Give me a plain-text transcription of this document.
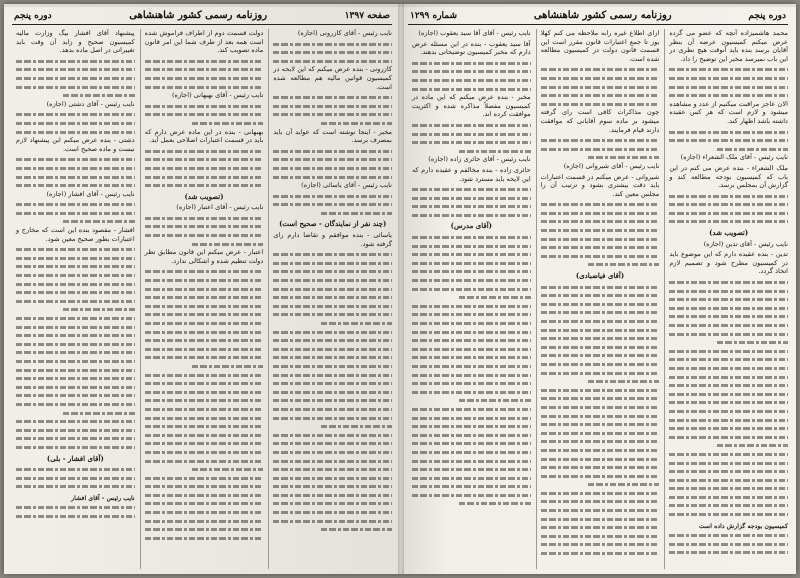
صفحه ۱۳۹۷
روزنامه رسمی کشور شاهنشاهی
دوره پنجم

نایب رئیس - آقای کازرونی (اجازه)

کازرونی - بنده عرض میکنم که این لایحه در کمیسیون قوانین مالیه هم مطالعه شده است.

مخبر - اینجا نوشته است که عواید آن باید بمصرف برسد.

نایب رئیس - آقای یاسائی (اجازه)

(چند نفر از نمایندگان - صحیح است)

یاسائی - بنده موافقم و تقاضا دارم رای گرفته شود.

دولت قسمت دوم از اطراف فراموش شده است همه بعد از طرف شما این امر قانون ماده تصویب کند.

نایب رئیس - آقای بهبهانی (اجازه)

بهبهانی - بنده در این ماده عرض دارم که باید در قسمت اعتبارات اصلاحی بعمل آید.

(تصویب شد)

نایب رئیس - آقای اعتبار (اجازه)

اعتبار - عرض میکنم این قانون مطابق نظر دولت تنظیم شده و اشکالی ندارد.

پیشنهاد آقای افشار بیگ وزارت مالیه کمیسیون صحیح و زاید آن وقت باید تغییراتی در اصل ماده بدهد.

نایب رئیس - آقای دشتی (اجازه)

دشتی - بنده عرض میکنم این پیشنهاد لازم نیست و ماده صحیح است.

نایب رئیس - آقای افشار (اجازه)

افشار - مقصود بنده این است که مخارج و اعتبارات بطور صحیح معین شود.

(آقای افشار - بلی)
نایب رئیس - آقای افشار
دوره پنجم
روزنامه رسمی کشور شاهنشاهی
شماره ۱۲۹۹

محمد هاشمیزاده آنچه که عضو می گرده عرض میکنم کمیسیون عرضه آن بنظر آقایان برسد بنده باید آنوقت هیچ نظری در این باب نمیرسد مخبر این توضیح را داد.

الان عاجز مراقبت میکنیم از عدد و مشاهده میشود و لازم است که هر کس عقیده داشته باشد اظهار کند.

نایب رئیس - آقای ملک الشعراء (اجازه)

ملک الشعراء - بنده عرض می کنم در این باب که کمیسیون بودجه مطالعه کند و گزارش آن بمجلس برسد.

(تصویب شد)

نایب رئیس - آقای تدین (اجازه)

تدین - بنده عقیده دارم که این موضوع باید در کمیسیون مطرح شود و تصمیم لازم اتخاذ گردد.

کمیسیون بودجه گزارش داده است

ازای اطلاع غیره رابه ملاحظه می کنم کهلا بوز تا جمع اعتبارات قانون مقرر است این قسمت قانون دولت در کمیسیون مطالعه شده است.

چون مذاکرات کافی است رای گرفته میشود بر ماده سوم آقایانی که موافقت دارند قیام فرمایند.

نایب رئیس - آقای شیروانی (اجازه)

شیروانی - عرض میکنم در قسمت اعتبارات باید دقت بیشتری بشود و ترتیب آن را مجلس معین کند.

(آقای فیاضبادی)

نایب رئیس - آقای آقا سید یعقوب (اجازه)

آقا سید یعقوب - بنده در این مسئله عرض دارم که مخبر کمیسیون توضیحاتی بدهند.

مخبر - بنده عرض میکنم که این ماده در کمیسیون مفصلاً مذاکره شده و اکثریت موافقت کرده اند.

نایب رئیس - آقای حائری زاده (اجازه)

حائری زاده - بنده مخالفم و عقیده دارم که این لایحه باید مسترد شود.

(آقای مدرس)
